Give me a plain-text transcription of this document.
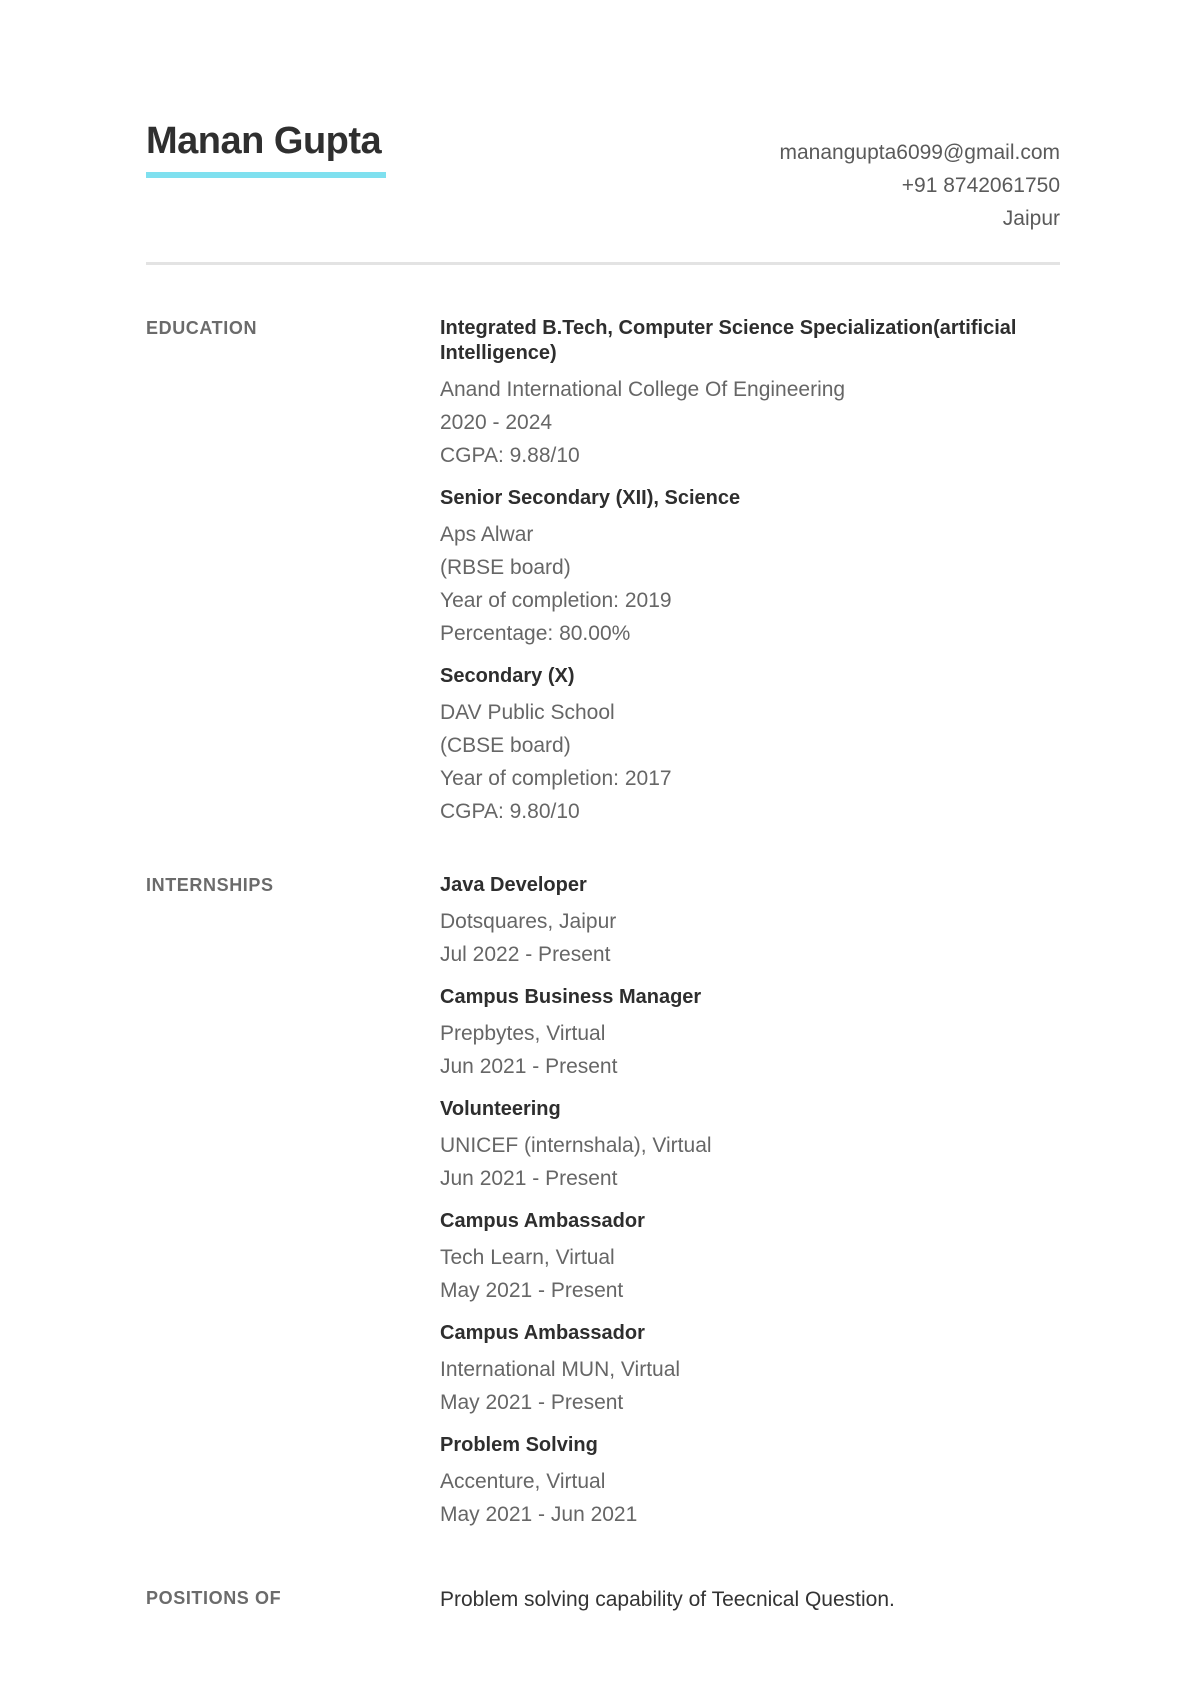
Manan Gupta	manangupta6099@gmail.com
+91 8742061750
Jaipur
EDUCATION	Integrated B.Tech, Computer Science Specialization(artificial Intelligence)
Anand International College Of Engineering
2020 - 2024
CGPA: 9.88/10
Senior Secondary (XII), Science
Aps Alwar
(RBSE board)
Year of completion: 2019
Percentage: 80.00%
Secondary (X)
DAV Public School
(CBSE board)
Year of completion: 2017
CGPA: 9.80/10
INTERNSHIPS	Java Developer
Dotsquares, Jaipur
Jul 2022 - Present
Campus Business Manager
Prepbytes, Virtual
Jun 2021 - Present
Volunteering
UNICEF (internshala), Virtual
Jun 2021 - Present
Campus Ambassador
Tech Learn, Virtual
May 2021 - Present
Campus Ambassador
International MUN, Virtual
May 2021 - Present
Problem Solving
Accenture, Virtual
May 2021 - Jun 2021
POSITIONS OF	Problem solving capability of Teecnical Question.
